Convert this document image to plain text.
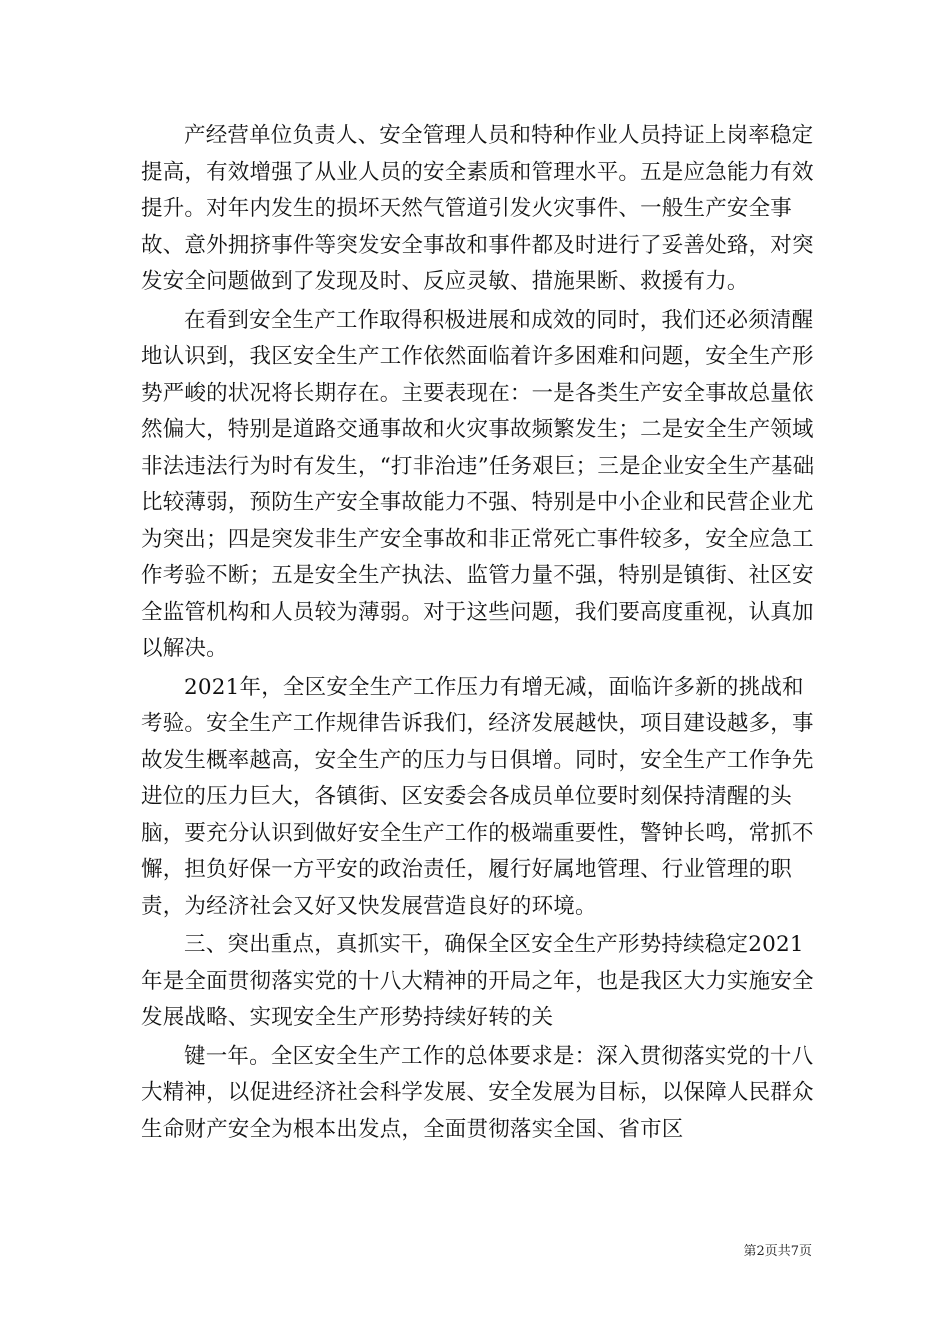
产经营单位负责人、安全管理人员和特种作业人员持证上岗率稳定提高，有效增强了从业人员的安全素质和管理水平。五是应急能力有效提升。对年内发生的损坏天然气管道引发火灾事件、一般生产安全事故、意外拥挤事件等突发安全事故和事件都及时进行了妥善处臵，对突发安全问题做到了发现及时、反应灵敏、措施果断、救援有力。

在看到安全生产工作取得积极进展和成效的同时，我们还必须清醒地认识到，我区安全生产工作依然面临着许多困难和问题，安全生产形势严峻的状况将长期存在。主要表现在：一是各类生产安全事故总量依然偏大，特别是道路交通事故和火灾事故频繁发生；二是安全生产领域非法违法行为时有发生，“打非治违”任务艰巨；三是企业安全生产基础比较薄弱，预防生产安全事故能力不强、特别是中小企业和民营企业尤为突出；四是突发非生产安全事故和非正常死亡事件较多，安全应急工作考验不断；五是安全生产执法、监管力量不强，特别是镇街、社区安全监管机构和人员较为薄弱。对于这些问题，我们要高度重视，认真加以解决。

2021年，全区安全生产工作压力有增无减，面临许多新的挑战和考验。安全生产工作规律告诉我们，经济发展越快，项目建设越多，事故发生概率越高，安全生产的压力与日俱增。同时，安全生产工作争先进位的压力巨大，各镇街、区安委会各成员单位要时刻保持清醒的头脑，要充分认识到做好安全生产工作的极端重要性，警钟长鸣，常抓不懈，担负好保一方平安的政治责任，履行好属地管理、行业管理的职责，为经济社会又好又快发展营造良好的环境。

三、突出重点，真抓实干，确保全区安全生产形势持续稳定2021年是全面贯彻落实党的十八大精神的开局之年，也是我区大力实施安全发展战略、实现安全生产形势持续好转的关

键一年。全区安全生产工作的总体要求是：深入贯彻落实党的十八大精神，以促进经济社会科学发展、安全发展为目标，以保障人民群众生命财产安全为根本出发点，全面贯彻落实全国、省市区

第2页共7页
